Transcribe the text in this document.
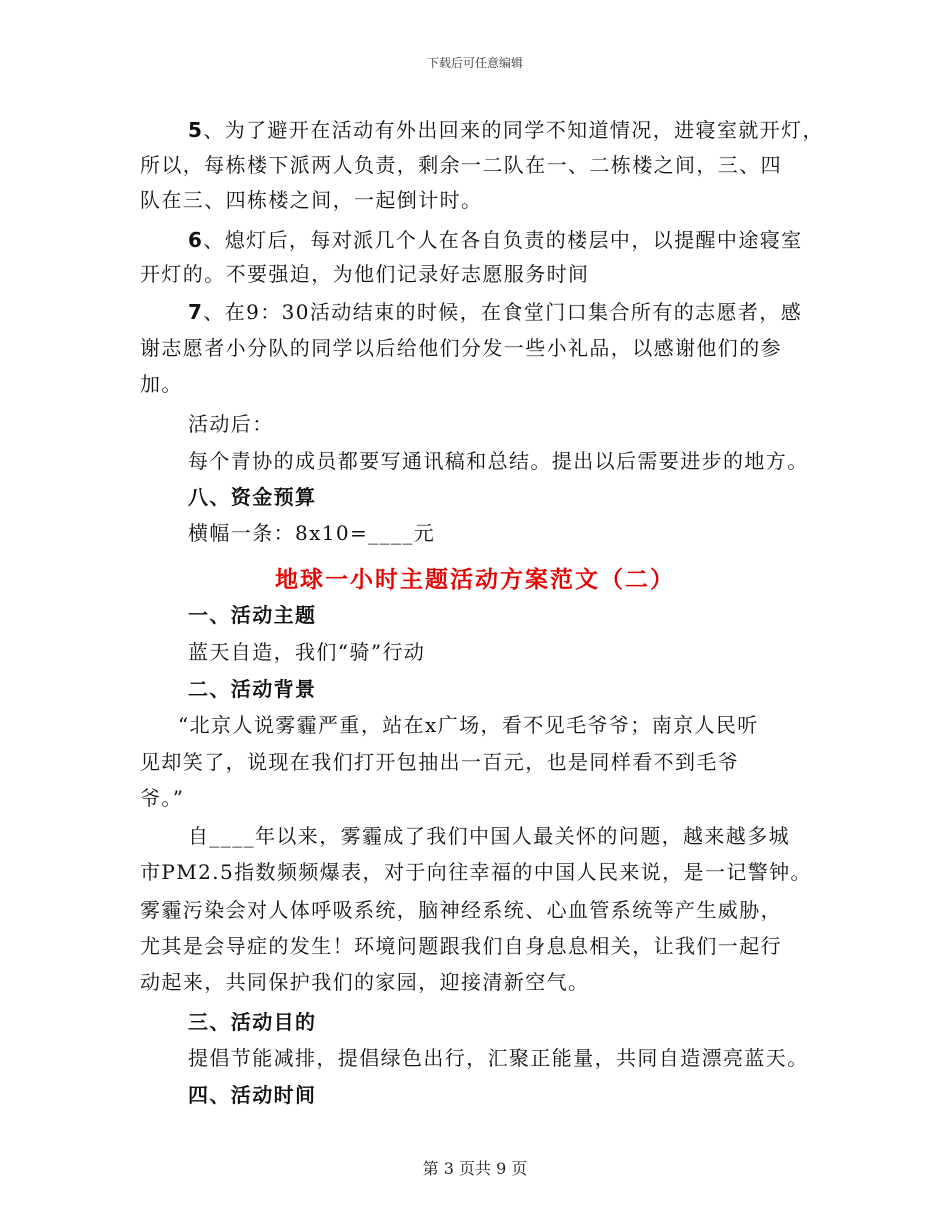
下载后可任意编辑
5、为了避开在活动有外出回来的同学不知道情况，进寝室就开灯，
所以，每栋楼下派两人负责，剩余一二队在一、二栋楼之间，三、四
队在三、四栋楼之间，一起倒计时。
6、熄灯后，每对派几个人在各自负责的楼层中，以提醒中途寝室
开灯的。不要强迫，为他们记录好志愿服务时间
7、在9：30活动结束的时候，在食堂门口集合所有的志愿者，感
谢志愿者小分队的同学以后给他们分发一些小礼品，以感谢他们的参
加。
活动后：
每个青协的成员都要写通讯稿和总结。提出以后需要进步的地方。
八、资金预算
横幅一条：8x10=____元
地球一小时主题活动方案范文（二）
一、活动主题
蓝天自造，我们“骑”行动
二、活动背景
“北京人说雾霾严重，站在x广场，看不见毛爷爷；南京人民听
见却笑了，说现在我们打开包抽出一百元，也是同样看不到毛爷
爷。”
自____年以来，雾霾成了我们中国人最关怀的问题，越来越多城
市PM2.5指数频频爆表，对于向往幸福的中国人民来说，是一记警钟。
雾霾污染会对人体呼吸系统，脑神经系统、心血管系统等产生威胁，
尤其是会导症的发生！环境问题跟我们自身息息相关，让我们一起行
动起来，共同保护我们的家园，迎接清新空气。
三、活动目的
提倡节能减排，提倡绿色出行，汇聚正能量，共同自造漂亮蓝天。
四、活动时间
第 3 页共 9 页
